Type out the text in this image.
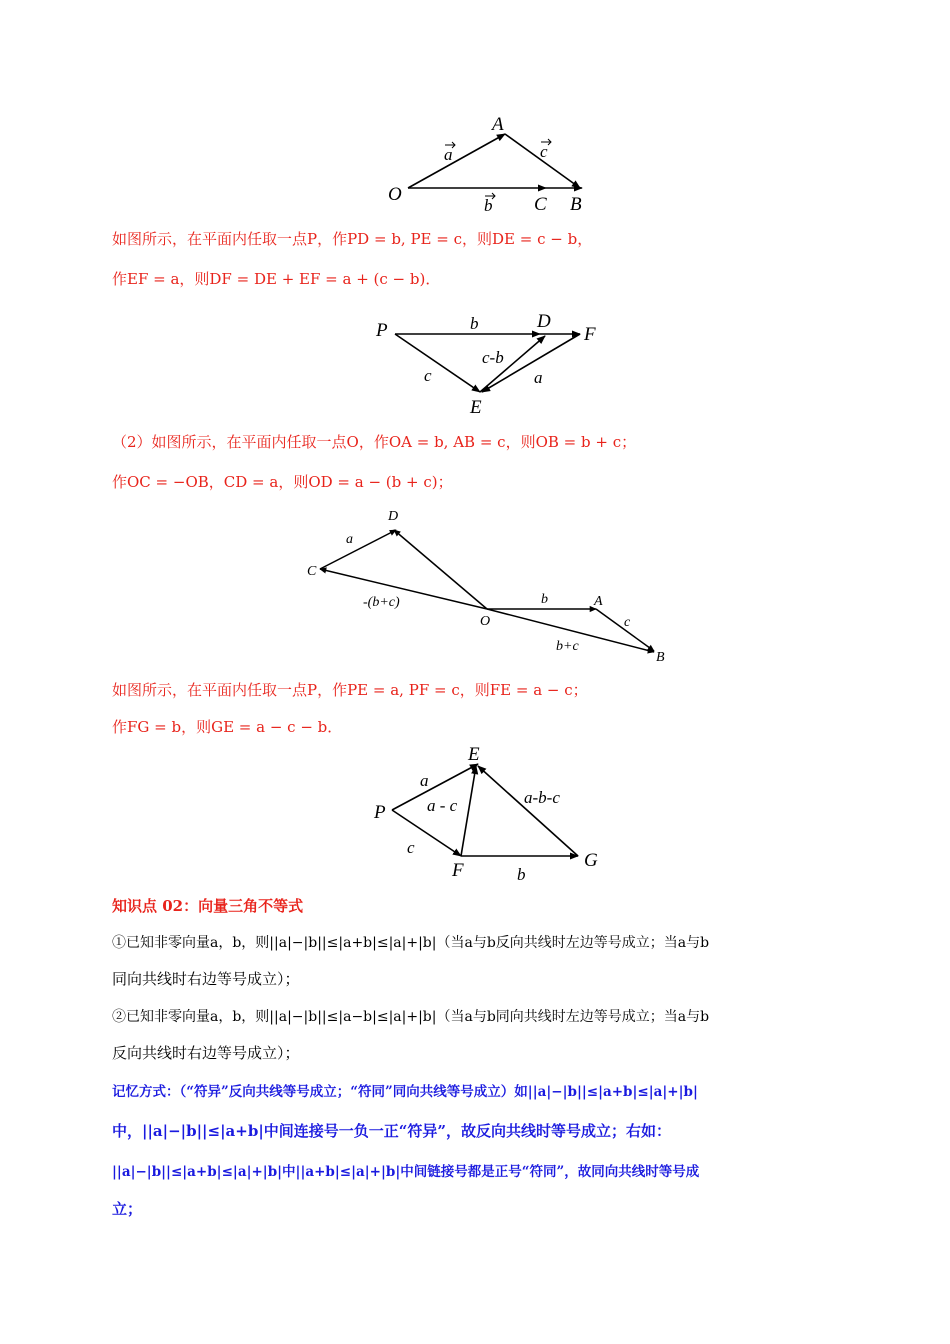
O
A
C B
a
b
c
如图所示，在平面内任取一点P，作PD = b, PE = c，则DE = c − b，
作EF = a，则DF = DE + EF = a + (c − b)．
P	D
F
E
b
c-b
c	a
（2）如图所示，在平面内任取一点O，作OA = b, AB = c，则OB = b + c；
作OC = −OB，CD = a，则OD = a − (b + c)；
D
C
O
A
B
a
b
c
-(b+c)
b+c
如图所示，在平面内任取一点P，作PE = a, PF = c，则FE = a − c；
作FG = b，则GE = a − c − b．
E
P
F	G
a
a - c
c
b
a-b-c
知识点 02：向量三角不等式
①已知非零向量a，b，则||a|−|b||≤|a+b|≤|a|+|b|（当a与b反向共线时左边等号成立；当a与b
同向共线时右边等号成立）；
②已知非零向量a，b，则||a|−|b||≤|a−b|≤|a|+|b|（当a与b同向共线时左边等号成立；当a与b
反向共线时右边等号成立）；
记忆方式：（“符异”反向共线等号成立；“符同”同向共线等号成立）如||a|−|b||≤|a+b|≤|a|+|b|
中，||a|−|b||≤|a+b|中间连接号一负一正“符异”，故反向共线时等号成立；右如：
||a|−|b||≤|a+b|≤|a|+|b|中||a+b|≤|a|+|b|中间链接号都是正号“符同”，故同向共线时等号成
立；
